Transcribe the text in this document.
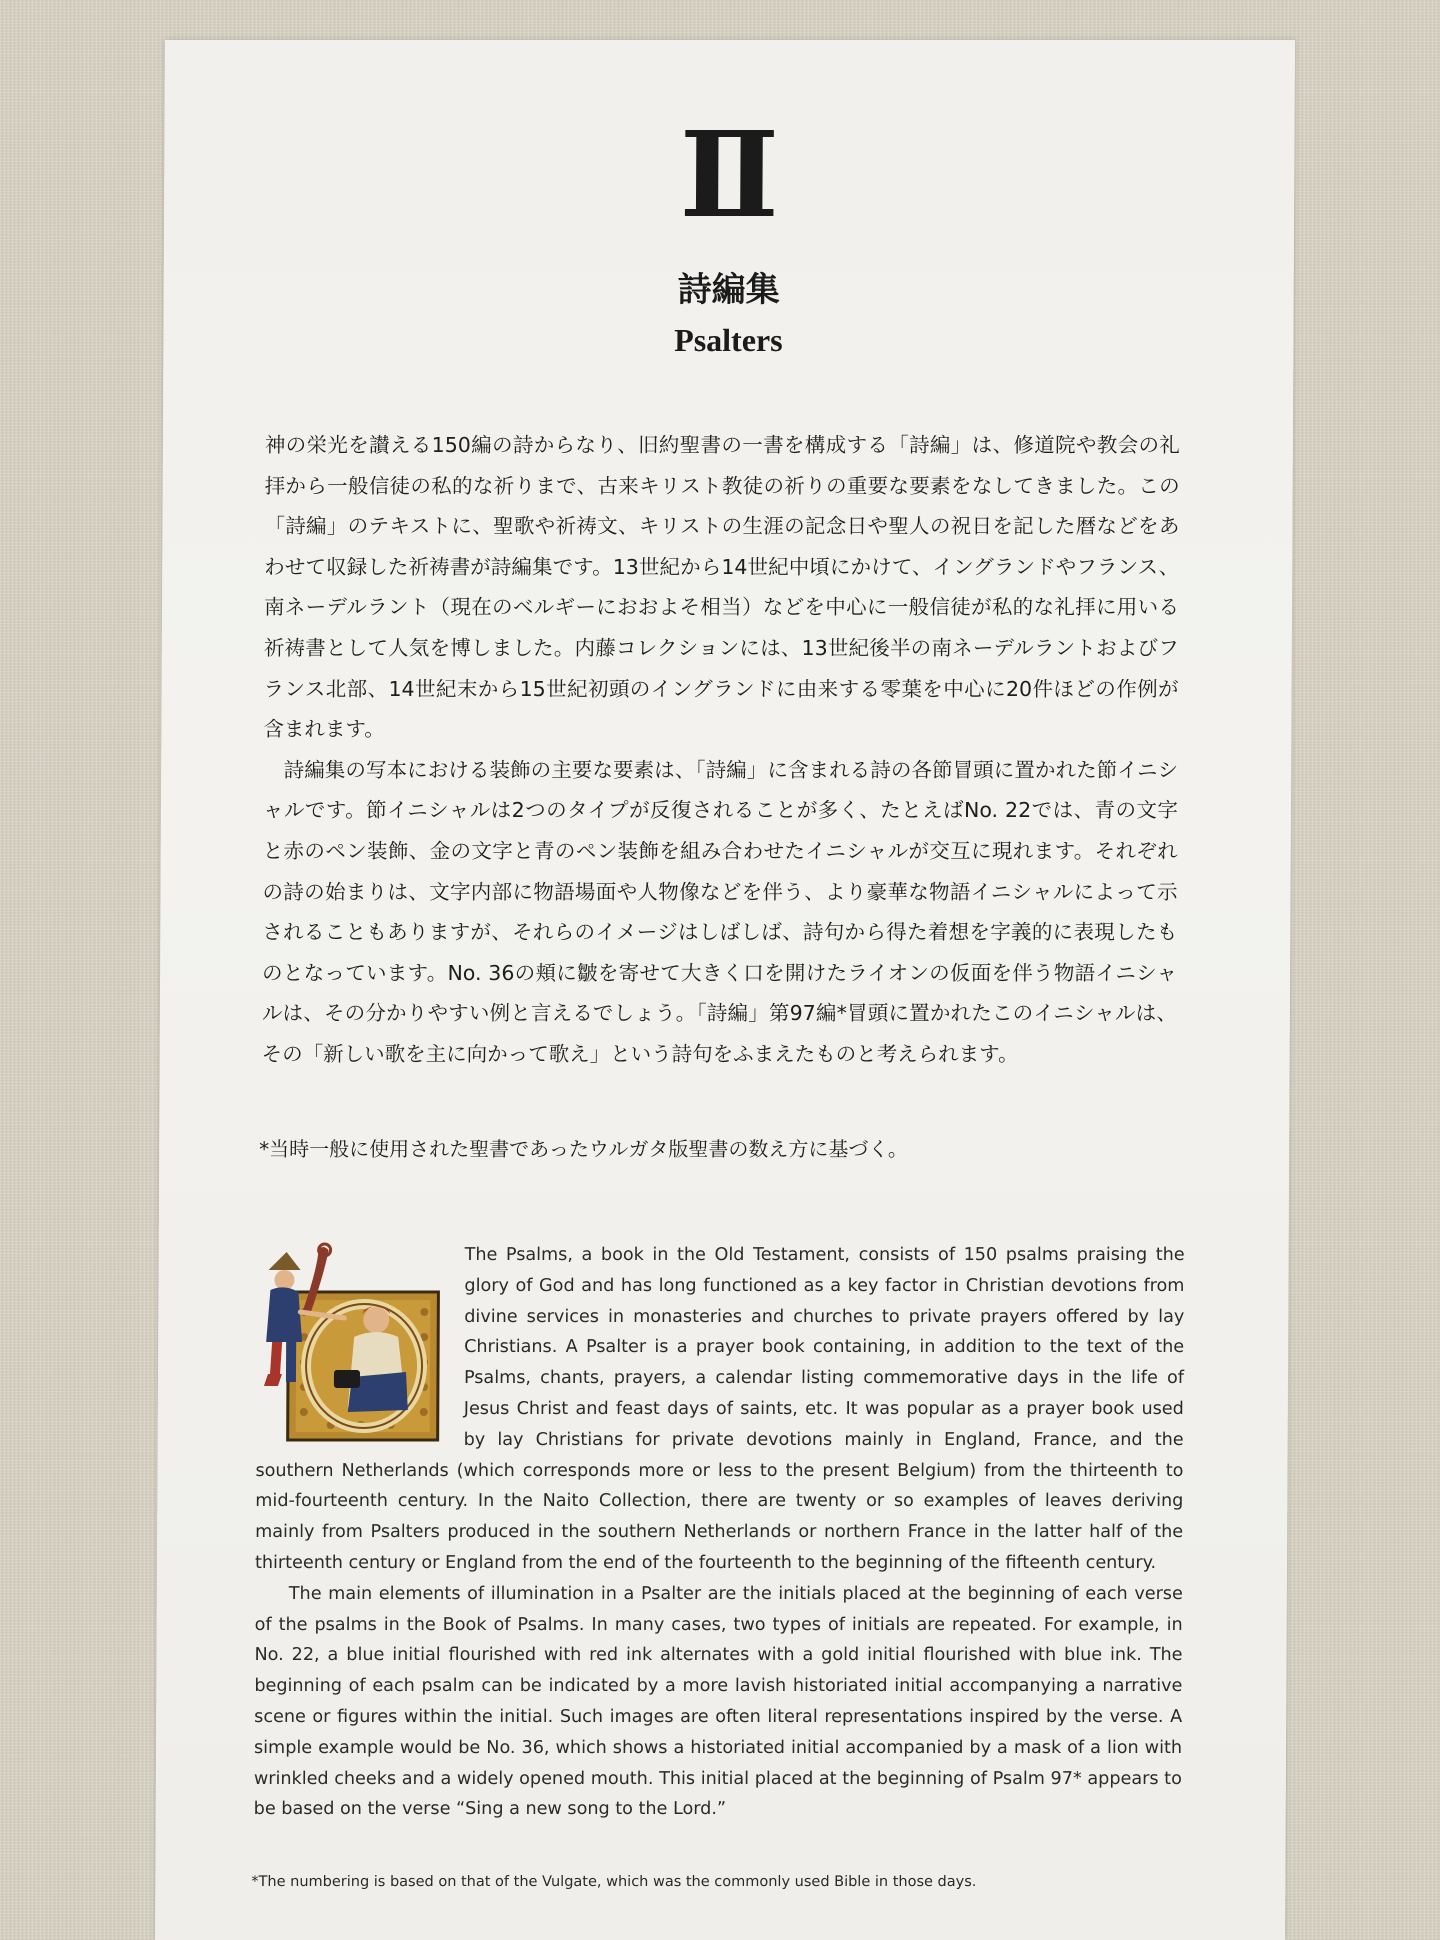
Ⅱ
詩編集
Psalters

神の栄光を讃える150編の詩からなり、旧約聖書の一書を構成する「詩編」は、修道院や教会の礼拝から一般信徒の私的な祈りまで、古来キリスト教徒の祈りの重要な要素をなしてきました。この「詩編」のテキストに、聖歌や祈祷文、キリストの生涯の記念日や聖人の祝日を記した暦などをあわせて収録した祈祷書が詩編集です。13世紀から14世紀中頃にかけて、イングランドやフランス、南ネーデルラント（現在のベルギーにおおよそ相当）などを中心に一般信徒が私的な礼拝に用いる祈祷書として人気を博しました。内藤コレクションには、13世紀後半の南ネーデルラントおよびフランス北部、14世紀末から15世紀初頭のイングランドに由来する零葉を中心に20件ほどの作例が含まれます。

詩編集の写本における装飾の主要な要素は、「詩編」に含まれる詩の各節冒頭に置かれた節イニシャルです。節イニシャルは2つのタイプが反復されることが多く、たとえばNo. 22では、青の文字と赤のペン装飾、金の文字と青のペン装飾を組み合わせたイニシャルが交互に現れます。それぞれの詩の始まりは、文字内部に物語場面や人物像などを伴う、より豪華な物語イニシャルによって示されることもありますが、それらのイメージはしばしば、詩句から得た着想を字義的に表現したものとなっています。No. 36の頬に皺を寄せて大きく口を開けたライオンの仮面を伴う物語イニシャルは、その分かりやすい例と言えるでしょう。「詩編」第97編*冒頭に置かれたこのイニシャルは、その「新しい歌を主に向かって歌え」という詩句をふまえたものと考えられます。

*当時一般に使用された聖書であったウルガタ版聖書の数え方に基づく。

The Psalms, a book in the Old Testament, consists of 150 psalms praising the glory of God and has long functioned as a key factor in Christian devotions from divine services in monasteries and churches to private prayers offered by lay Christians. A Psalter is a prayer book containing, in addition to the text of the Psalms, chants, prayers, a calendar listing commemorative days in the life of Jesus Christ and feast days of saints, etc. It was popular as a prayer book used by lay Christians for private devotions mainly in England, France, and the southern Netherlands (which corresponds more or less to the present Belgium) from the thirteenth to mid-fourteenth century. In the Naito Collection, there are twenty or so examples of leaves deriving mainly from Psalters produced in the southern Netherlands or northern France in the latter half of the thirteenth century or England from the end of the fourteenth to the beginning of the fifteenth century.

The main elements of illumination in a Psalter are the initials placed at the beginning of each verse of the psalms in the Book of Psalms. In many cases, two types of initials are repeated. For example, in No. 22, a blue initial flourished with red ink alternates with a gold initial flourished with blue ink. The beginning of each psalm can be indicated by a more lavish historiated initial accompanying a narrative scene or figures within the initial. Such images are often literal representations inspired by the verse. A simple example would be No. 36, which shows a historiated initial accompanied by a mask of a lion with wrinkled cheeks and a widely opened mouth. This initial placed at the beginning of Psalm 97* appears to be based on the verse “Sing a new song to the Lord.”

*The numbering is based on that of the Vulgate, which was the commonly used Bible in those days.
